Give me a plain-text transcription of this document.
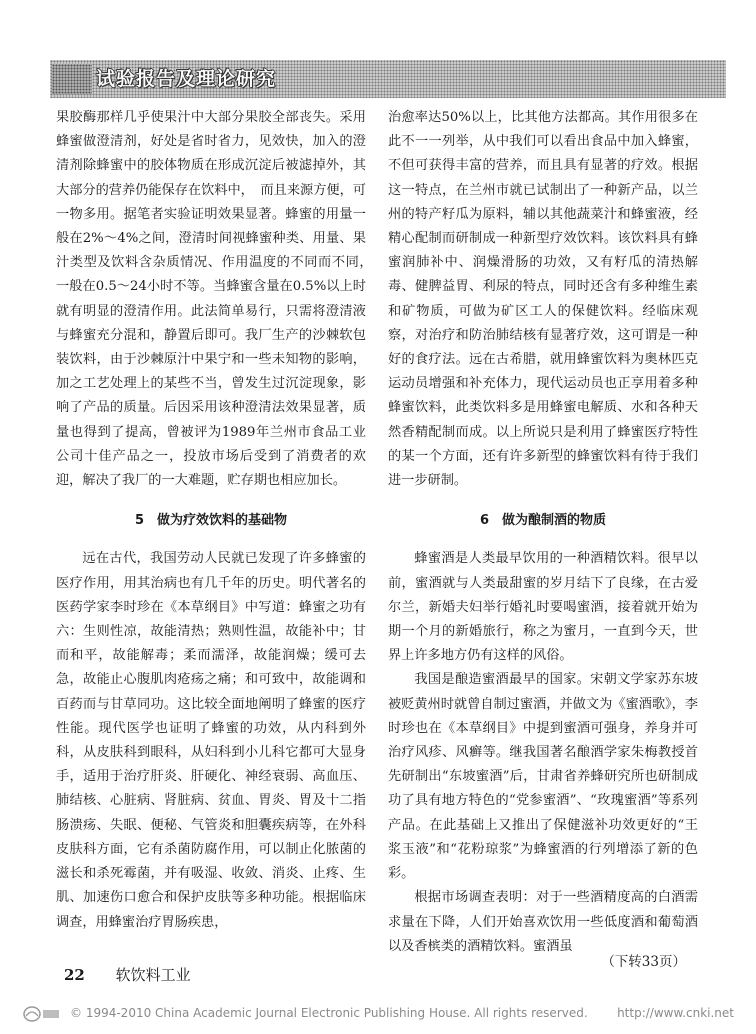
试验报告及理论研究

果胶酶那样几乎使果汁中大部分果胶全部丧失。采用蜂蜜做澄清剂，好处是省时省力，见效快，加入的澄清剂除蜂蜜中的胶体物质在形成沉淀后被滤掉外，其大部分的营养仍能保存在饮料中，　而且来源方便，可一物多用。据笔者实验证明效果显著。蜂蜜的用量一般在2%～4%之间，澄清时间视蜂蜜种类、用量、果汁类型及饮料含杂质情况、作用温度的不同而不同，　一般在0.5～24小时不等。当蜂蜜含量在0.5%以上时就有明显的澄清作用。此法简单易行，只需将澄清液与蜂蜜充分混和，静置后即可。我厂生产的沙棘软包装饮料，由于沙棘原汁中果宁和一些未知物的影响，加之工艺处理上的某些不当，曾发生过沉淀现象，影响了产品的质量。后因采用该种澄清法效果显著，质量也得到了提高，曾被评为1989年兰州市食品工业公司十佳产品之一，投放市场后受到了消费者的欢迎，解决了我厂的一大难题，贮存期也相应加长。

5　做为疗效饮料的基础物

远在古代，我国劳动人民就已发现了许多蜂蜜的医疗作用，用其治病也有几千年的历史。明代著名的医药学家李时珍在《本草纲目》中写道：蜂蜜之功有六：生则性凉，故能清热；熟则性温，故能补中；甘而和平，故能解毒；柔而濡泽，故能润燥；缓可去急，故能止心腹肌肉疮疡之痛；和可致中，故能调和百药而与甘草同功。这比较全面地阐明了蜂蜜的医疗性能。现代医学也证明了蜂蜜的功效，从内科到外科，从皮肤科到眼科，从妇科到小儿科它都可大显身手，适用于治疗肝炎、肝硬化、神经衰弱、高血压、肺结核、心脏病、肾脏病、贫血、胃炎、胃及十二指肠溃疡、失眠、便秘、气管炎和胆囊疾病等，在外科皮肤科方面，它有杀菌防腐作用，可以制止化脓菌的滋长和杀死霉菌，并有吸湿、收敛、消炎、止疼、生肌、加速伤口愈合和保护皮肤等多种功能。根据临床调查，用蜂蜜治疗胃肠疾患，

治愈率达50%以上，比其他方法都高。其作用很多在此不一一列举，从中我们可以看出食品中加入蜂蜜，不但可获得丰富的营养，而且具有显著的疗效。根据这一特点，在兰州市就已试制出了一种新产品，以兰州的特产籽瓜为原料，辅以其他蔬菜汁和蜂蜜液，经精心配制而研制成一种新型疗效饮料。该饮料具有蜂蜜润肺补中、润燥滑肠的功效，又有籽瓜的清热解毒、健脾益胃、利尿的特点，同时还含有多种维生素和矿物质，可做为矿区工人的保健饮料。经临床观察，对治疗和防治肺结核有显著疗效，这可谓是一种好的食疗法。远在古希腊，就用蜂蜜饮料为奥林匹克运动员增强和补充体力，现代运动员也正享用着多种蜂蜜饮料，此类饮料多是用蜂蜜电解质、水和各种天然香精配制而成。以上所说只是利用了蜂蜜医疗特性的某一个方面，还有许多新型的蜂蜜饮料有待于我们进一步研制。

6　做为酿制酒的物质

蜂蜜酒是人类最早饮用的一种酒精饮料。很早以前，蜜酒就与人类最甜蜜的岁月结下了良缘，在古爱尔兰，新婚夫妇举行婚礼时要喝蜜酒，接着就开始为期一个月的新婚旅行，称之为蜜月，一直到今天，世界上许多地方仍有这样的风俗。

我国是酿造蜜酒最早的国家。宋朝文学家苏东坡被贬黄州时就曾自制过蜜酒，并做文为《蜜酒歌》，李时珍也在《本草纲目》中提到蜜酒可强身，养身并可治疗风疹、风癣等。继我国著名酿酒学家朱梅教授首先研制出“东坡蜜酒”后，甘肃省养蜂研究所也研制成功了具有地方特色的“党参蜜酒”、“玫瑰蜜酒”等系列产品。在此基础上又推出了保健滋补功效更好的“王浆玉液”和“花粉琼浆”为蜂蜜酒的行列增添了新的色彩。

根据市场调查表明：对于一些酒精度高的白酒需求量在下降，人们开始喜欢饮用一些低度酒和葡萄酒以及香槟类的酒精饮料。蜜酒虽

（下转33页）
22 软饮料工业
© 1994-2010 China Academic Journal Electronic Publishing House. All rights reserved. http://www.cnki.net
